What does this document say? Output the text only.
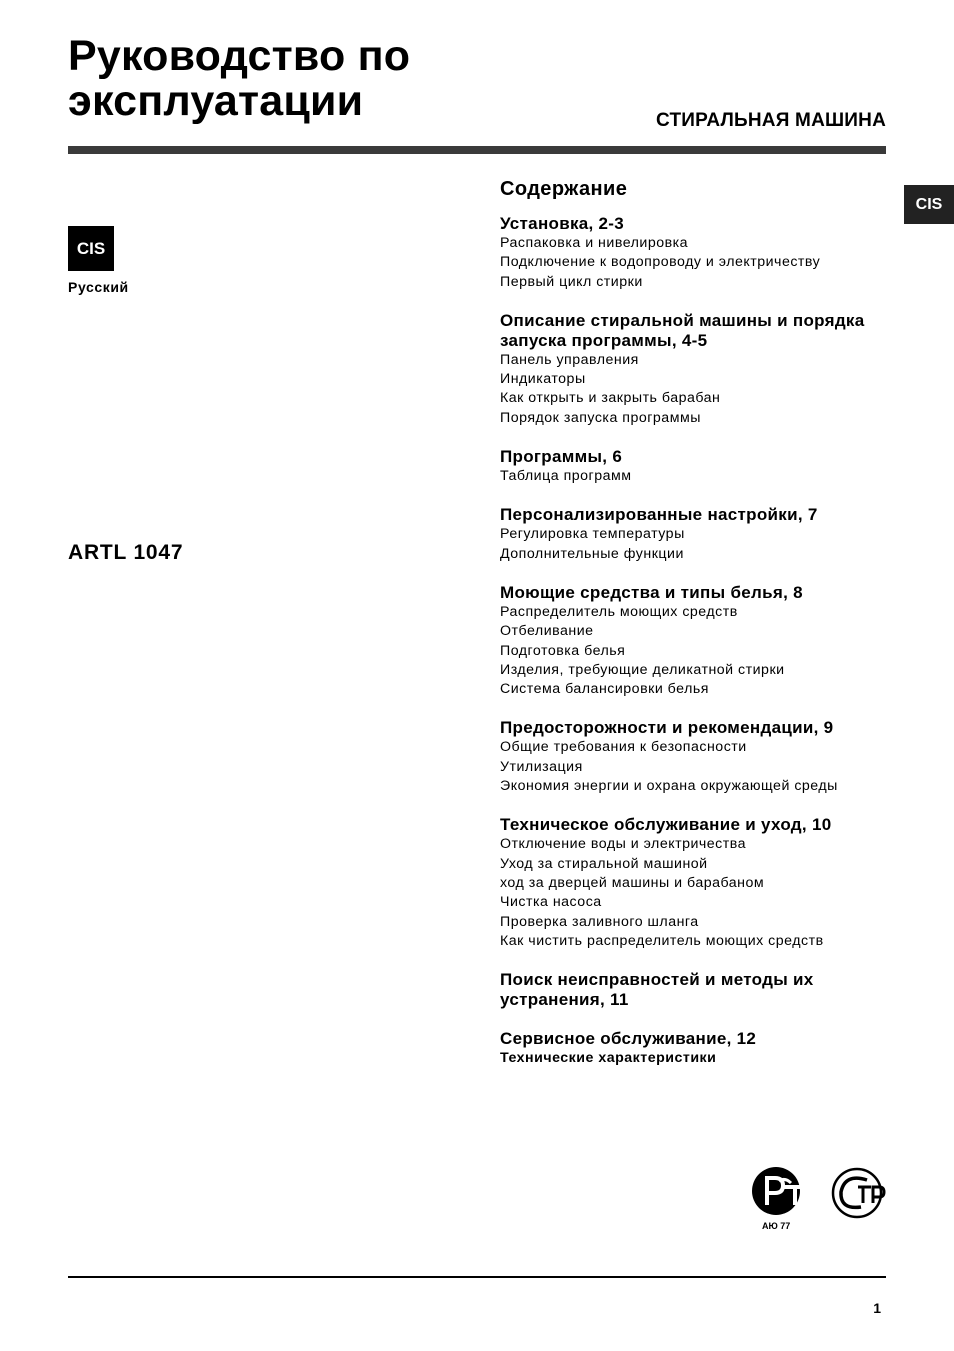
Руководство по
эксплуатации	СТИРАЛЬНАЯ МАШИНА
CIS
CIS
Русский
ARTL 1047
Содержание
Установка, 2-3
Распаковка и нивелировка
Подключение к водопроводу и электричеству
Первый цикл стирки
Описание стиральной машины и порядка запуска программы, 4-5
Панель управления
Индикаторы
Как открыть и закрыть барабан
Порядок запуска программы
Программы, 6
Таблица программ
Персонализированные настройки, 7
Регулировка температуры
Дополнительные функции
Моющие средства и типы белья, 8
Распределитель моющих средств
Отбеливание
Подготовка белья
Изделия, требующие деликатной стирки
Система балансировки белья
Предосторожности и рекомендации, 9
Общие требования к безопасности
Утилизация
Экономия энергии и охрана окружающей среды
Техническое обслуживание и уход, 10
Отключение воды и электричества
Уход за стиральной машиной
ход за дверцей машины и барабаном
Чистка насоса
Проверка заливного шланга
Как чистить распределитель моющих средств
Поиск неисправностей и методы их устранения, 11
Сервисное обслуживание, 12
Технические характеристики
АЮ 77
1
